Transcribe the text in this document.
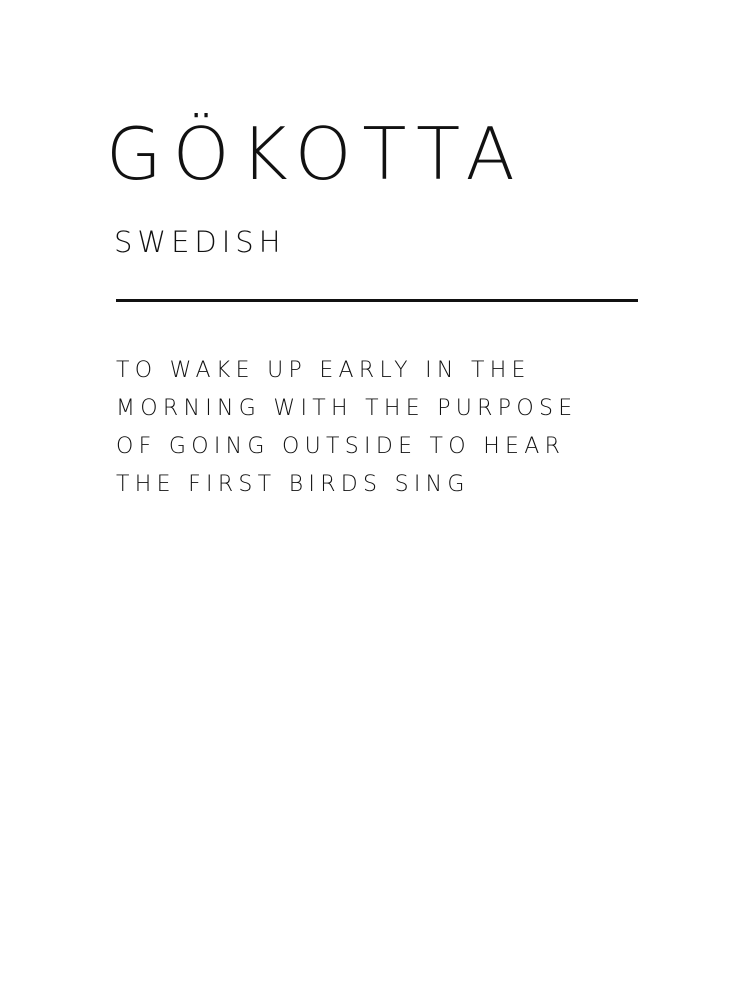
GÖKOTTA
SWEDISH

TO WAKE UP EARLY IN THE
MORNING WITH THE PURPOSE
OF GOING OUTSIDE TO HEAR
THE FIRST BIRDS SING
